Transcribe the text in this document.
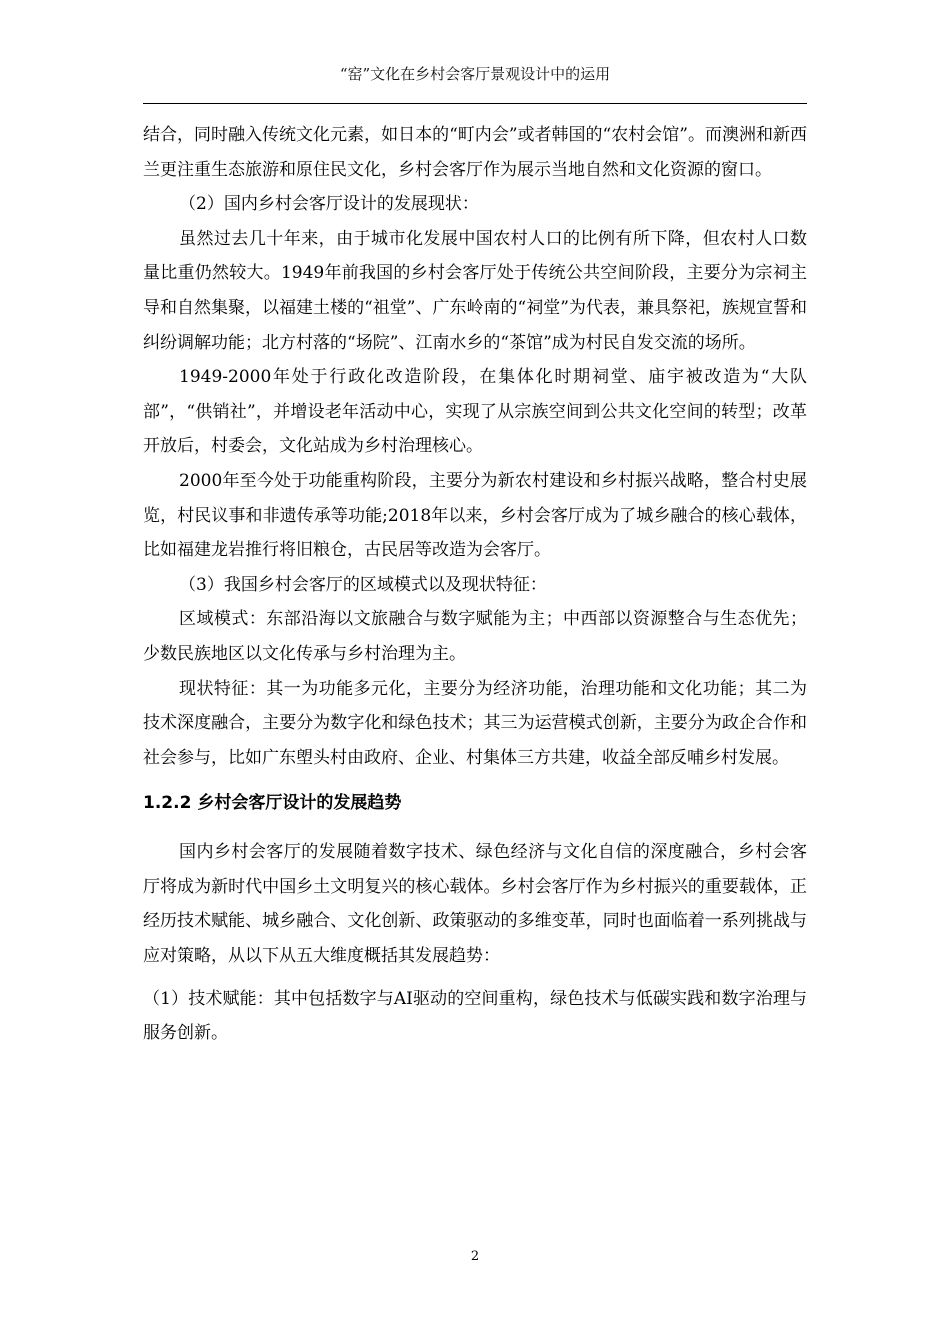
“窑”文化在乡村会客厅景观设计中的运用

结合，同时融入传统文化元素，如日本的“町内会”或者韩国的“农村会馆”。而澳洲和新西兰更注重生态旅游和原住民文化，乡村会客厅作为展示当地自然和文化资源的窗口。

（2）国内乡村会客厅设计的发展现状：

虽然过去几十年来，由于城市化发展中国农村人口的比例有所下降，但农村人口数量比重仍然较大。1949年前我国的乡村会客厅处于传统公共空间阶段，主要分为宗祠主导和自然集聚，以福建土楼的“祖堂”、广东岭南的“祠堂”为代表，兼具祭祀，族规宣誓和纠纷调解功能；北方村落的“场院”、江南水乡的“茶馆”成为村民自发交流的场所。

1949-2000年处于行政化改造阶段，在集体化时期祠堂、庙宇被改造为“大队部”，“供销社”，并增设老年活动中心，实现了从宗族空间到公共文化空间的转型；改革开放后，村委会，文化站成为乡村治理核心。

2000年至今处于功能重构阶段，主要分为新农村建设和乡村振兴战略，整合村史展览，村民议事和非遗传承等功能;2018年以来，乡村会客厅成为了城乡融合的核心载体，比如福建龙岩推行将旧粮仓，古民居等改造为会客厅。

（3）我国乡村会客厅的区域模式以及现状特征：

区域模式：东部沿海以文旅融合与数字赋能为主；中西部以资源整合与生态优先；少数民族地区以文化传承与乡村治理为主。

现状特征：其一为功能多元化，主要分为经济功能，治理功能和文化功能；其二为技术深度融合，主要分为数字化和绿色技术；其三为运营模式创新，主要分为政企合作和社会参与，比如广东塱头村由政府、企业、村集体三方共建，收益全部反哺乡村发展。

1.2.2 乡村会客厅设计的发展趋势

国内乡村会客厅的发展随着数字技术、绿色经济与文化自信的深度融合，乡村会客厅将成为新时代中国乡土文明复兴的核心载体。乡村会客厅作为乡村振兴的重要载体，正经历技术赋能、城乡融合、文化创新、政策驱动的多维变革，同时也面临着一系列挑战与应对策略，从以下从五大维度概括其发展趋势：

（1）技术赋能：其中包括数字与AI驱动的空间重构，绿色技术与低碳实践和数字治理与服务创新。

2
